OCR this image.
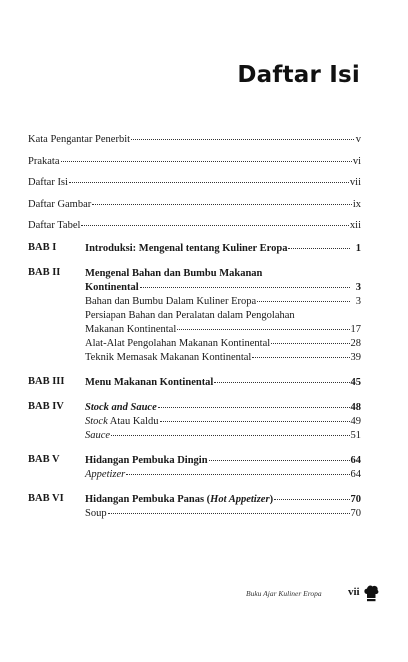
Daftar Isi
Kata Pengantar Penerbit	v
Prakata	vi
Daftar Isi	vii
Daftar Gambar	ix
Daftar Tabel	xii
BAB I	Introduksi: Mengenal tentang Kuliner Eropa	1
BAB II	Mengenal Bahan dan Bumbu Makanan
Kontinental	3
Bahan dan Bumbu Dalam Kuliner Eropa	3
Persiapan Bahan dan Peralatan dalam Pengolahan
Makanan Kontinental	17
Alat-Alat Pengolahan Makanan Kontinental	28
Teknik Memasak Makanan Kontinental	39
BAB III	Menu Makanan Kontinental	45
BAB IV	Stock and Sauce	48
Stock Atau Kaldu	49
Sauce	51
BAB V	Hidangan Pembuka Dingin	64
Appetizer	64
BAB VI	Hidangan Pembuka Panas (Hot Appetizer)	70
Soup	70
Buku Ajar Kuliner Eropa vii
